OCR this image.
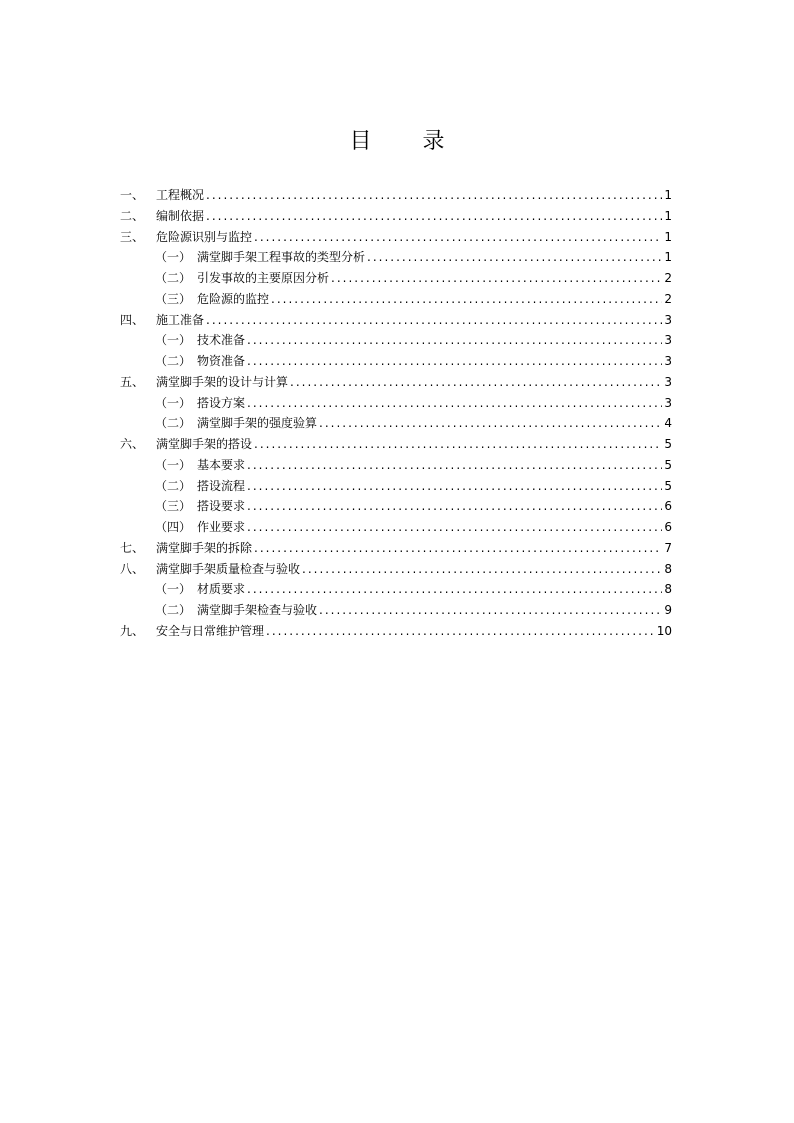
目 录
一、 工程概况 .....	1
二、 编制依据 .....	1
三、 危险源识别与监控 .....	1
（一） 满堂脚手架工程事故的类型分析 .....	1
（二） 引发事故的主要原因分析 .....	2
（三） 危险源的监控 .....	2
四、 施工准备 .....	3
（一） 技术准备 .....	3
（二） 物资准备 .....	3
五、 满堂脚手架的设计与计算 .....	3
（一） 搭设方案 .....	3
（二） 满堂脚手架的强度验算 .....	4
六、 满堂脚手架的搭设 .....	5
（一） 基本要求 .....	5
（二） 搭设流程 .....	5
（三） 搭设要求 .....	6
（四） 作业要求 .....	6
七、 满堂脚手架的拆除 .....	7
八、 满堂脚手架质量检查与验收 .....	8
（一） 材质要求 .....	8
（二） 满堂脚手架检查与验收 .....	9
九、 安全与日常维护管理 .....	10
